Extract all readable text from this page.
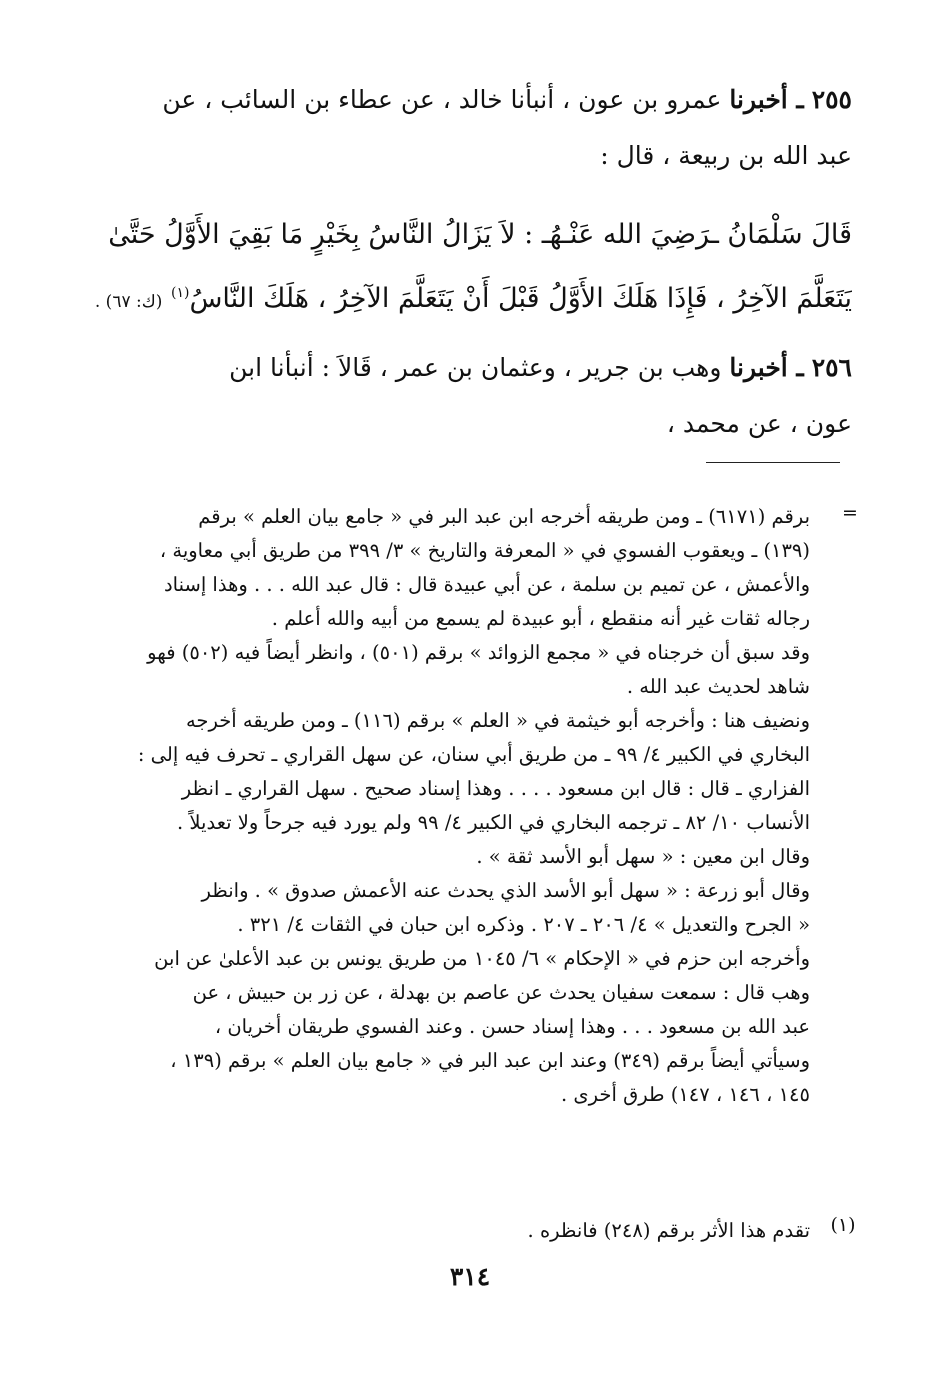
٢٥٥ ـ أخبرنا عمرو بن عون ، أنبأنا خالد ، عن عطاء بن السائب ، عن
عبد الله بن ربيعة ، قال :
قَالَ سَلْمَانُ ـرَضِيَ الله عَنْـهُـ : لاَ يَزَالُ النَّاسُ بِخَيْرٍ مَا بَقِيَ الأَوَّلُ حَتَّىٰ
يَتَعَلَّمَ الآخِرُ ، فَإِذَا هَلَكَ الأَوَّلُ قَبْلَ أَنْ يَتَعَلَّمَ الآخِرُ ، هَلَكَ النَّاسُ$^{(١)}$ (ك: ٦٧) .
٢٥٦ ـ أخبرنا وهب بن جرير ، وعثمان بن عمر ، قَالاَ : أنبأنا ابن
عون ، عن محمد ،
=
برقم (٦١٧١) ـ ومن طريقه أخرجه ابن عبد البر في « جامع بيان العلم » برقم
(١٣٩) ـ ويعقوب الفسوي في « المعرفة والتاريخ » ٣/ ٣٩٩ من طريق أبي معاوية ،
والأعمش ، عن تميم بن سلمة ، عن أبي عبيدة قال : قال عبد الله . . . وهذا إسناد
رجاله ثقات غير أنه منقطع ، أبو عبيدة لم يسمع من أبيه والله أعلم .
وقد سبق أن خرجناه في « مجمع الزوائد » برقم (٥٠١) ، وانظر أيضاً فيه (٥٠٢) فهو
شاهد لحديث عبد الله .
ونضيف هنا : وأخرجه أبو خيثمة في « العلم » برقم (١١٦) ـ ومن طريقه أخرجه
البخاري في الكبير ٤/ ٩٩ ـ من طريق أبي سنان، عن سهل القراري ـ تحرف فيه إلى :
الفزاري ـ قال : قال ابن مسعود . . . . وهذا إسناد صحيح . سهل القراري ـ انظر
الأنساب ١٠/ ٨٢ ـ ترجمه البخاري في الكبير ٤/ ٩٩ ولم يورد فيه جرحاً ولا تعديلاً .
وقال ابن معين : « سهل أبو الأسد ثقة » .
وقال أبو زرعة : « سهل أبو الأسد الذي يحدث عنه الأعمش صدوق » . وانظر
« الجرح والتعديل » ٤/ ٢٠٦ ـ ٢٠٧ . وذكره ابن حبان في الثقات ٤/ ٣٢١ .
وأخرجه ابن حزم في « الإحكام » ٦/ ١٠٤٥ من طريق يونس بن عبد الأعلىٰ عن ابن
وهب قال : سمعت سفيان يحدث عن عاصم بن بهدلة ، عن زر بن حبيش ، عن
عبد الله بن مسعود . . . وهذا إسناد حسن . وعند الفسوي طريقان أخريان ،
وسيأتي أيضاً برقم (٣٤٩) وعند ابن عبد البر في « جامع بيان العلم » برقم (١٣٩ ،
١٤٥ ، ١٤٦ ، ١٤٧) طرق أخرى .
(١)
تقدم هذا الأثر برقم (٢٤٨) فانظره .
٣١٤
